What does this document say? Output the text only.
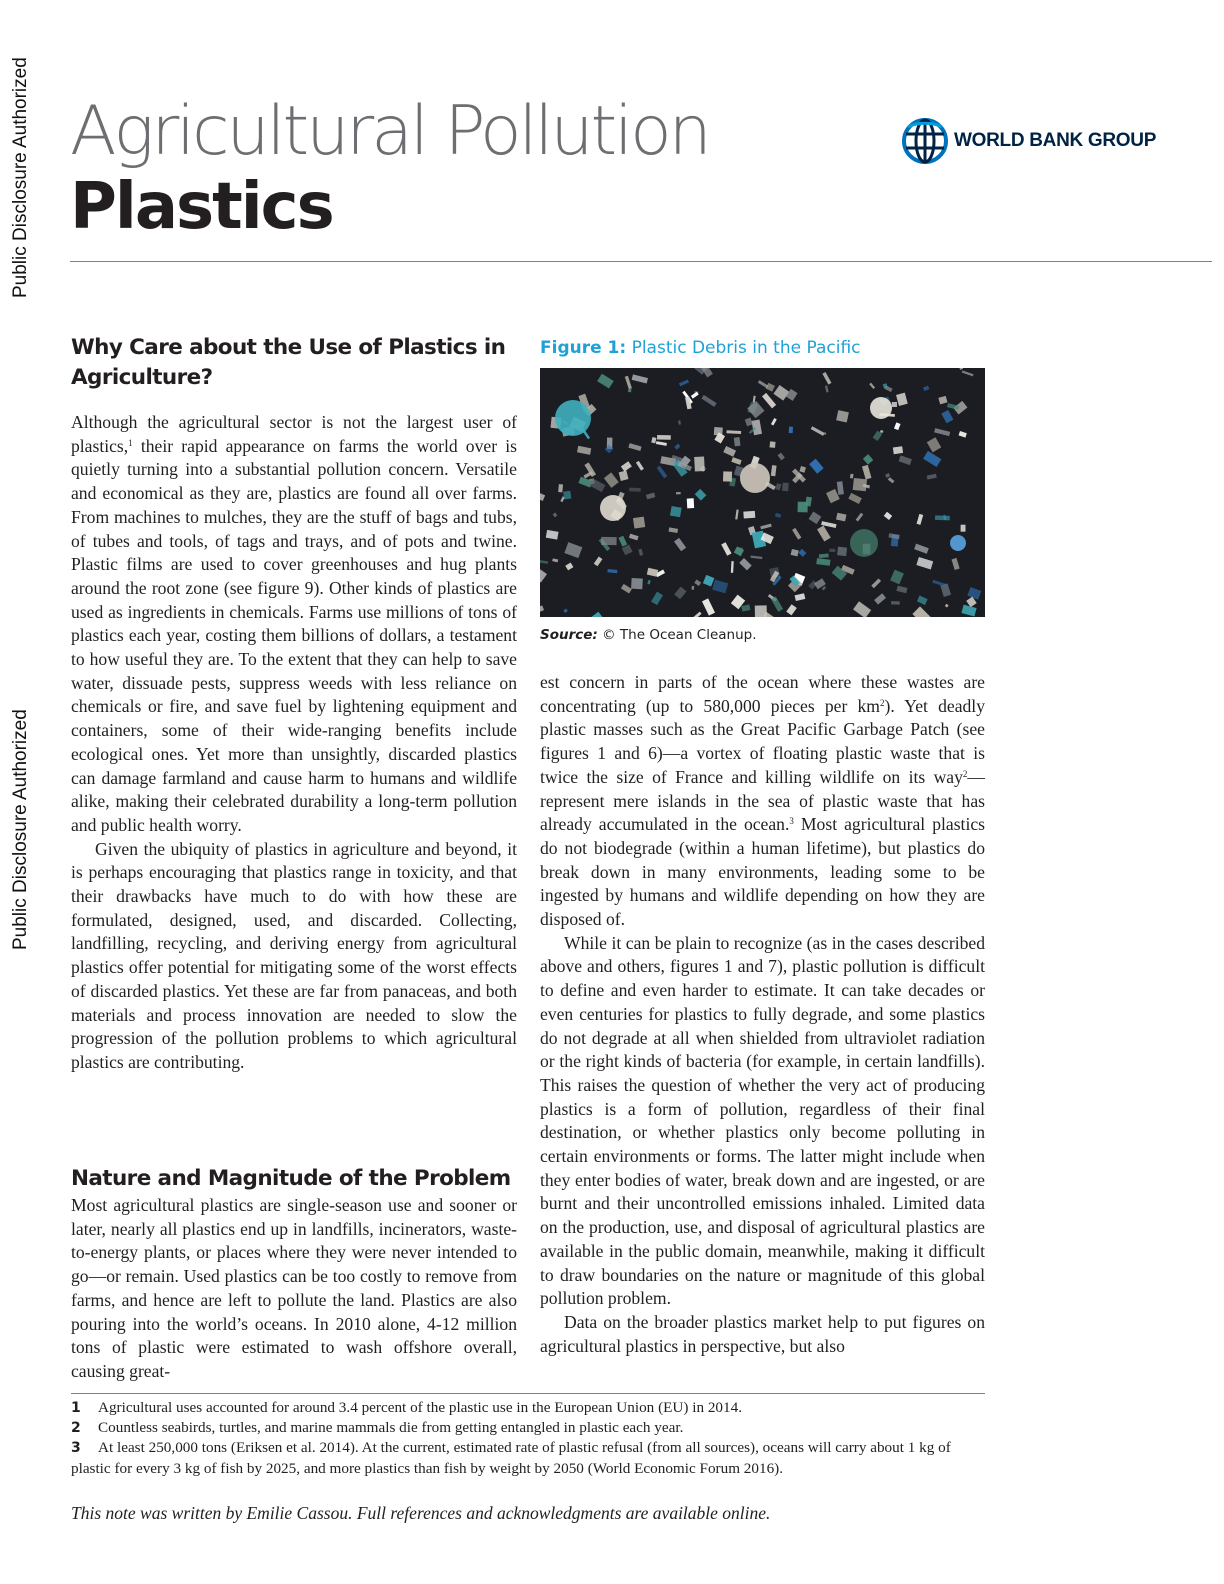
Public Disclosure Authorized
Public Disclosure Authorized
Agricultural Pollution
Plastics
WORLD BANK GROUP
Why Care about the Use of Plastics in Agriculture?

Although the agricultural sector is not the largest user of plastics,$^1$ their rapid appearance on farms the world over is quietly turning into a substantial pollution concern. Versatile and economical as they are, plastics are found all over farms. From machines to mulches, they are the stuff of bags and tubs, of tubes and tools, of tags and trays, and of pots and twine. Plastic films are used to cover greenhouses and hug plants around the root zone (see figure 9). Other kinds of plastics are used as ingredients in chemicals. Farms use millions of tons of plastics each year, costing them billions of dollars, a testament to how useful they are. To the extent that they can help to save water, dissuade pests, suppress weeds with less reliance on chemicals or fire, and save fuel by lightening equipment and containers, some of their wide-ranging benefits include ecological ones. Yet more than unsightly, discarded plastics can damage farmland and cause harm to humans and wildlife alike, making their celebrated durability a long-term pollution and public health worry.

Given the ubiquity of plastics in agriculture and beyond, it is perhaps encouraging that plastics range in toxicity, and that their drawbacks have much to do with how these are formulated, designed, used, and discarded. Collecting, landfilling, recycling, and deriving energy from agricultural plastics offer potential for mitigating some of the worst effects of discarded plastics. Yet these are far from panaceas, and both materials and process innovation are needed to slow the progression of the pollution problems to which agricultural plastics are contributing.

Nature and Magnitude of the Problem

Most agricultural plastics are single-season use and sooner or later, nearly all plastics end up in landfills, incinerators, waste-to-energy plants, or places where they were never intended to go—or remain. Used plastics can be too costly to remove from farms, and hence are left to pollute the land. Plastics are also pouring into the world’s oceans. In 2010 alone, 4-12 million tons of plastic were estimated to wash offshore overall, causing great-

Figure 1: Plastic Debris in the Pacific
Source: © The Ocean Cleanup.

est concern in parts of the ocean where these wastes are concentrating (up to 580,000 pieces per $km^2$). Yet deadly plastic masses such as the Great Pacific Garbage Patch (see figures 1 and 6)—a vortex of floating plastic waste that is twice the size of France and killing wildlife on its way$^2$—represent mere islands in the sea of plastic waste that has already accumulated in the ocean.$^3$ Most agricultural plastics do not biodegrade (within a human lifetime), but plastics do break down in many environments, leading some to be ingested by humans and wildlife depending on how they are disposed of.

While it can be plain to recognize (as in the cases described above and others, figures 1 and 7), plastic pollution is difficult to define and even harder to estimate. It can take decades or even centuries for plastics to fully degrade, and some plastics do not degrade at all when shielded from ultraviolet radiation or the right kinds of bacteria (for example, in certain landfills). This raises the question of whether the very act of producing plastics is a form of pollution, regardless of their final destination, or whether plastics only become polluting in certain environments or forms. The latter might include when they enter bodies of water, break down and are ingested, or are burnt and their uncontrolled emissions inhaled. Limited data on the production, use, and disposal of agricultural plastics are available in the public domain, meanwhile, making it difficult to draw boundaries on the nature or magnitude of this global pollution problem.

Data on the broader plastics market help to put figures on agricultural plastics in perspective, but also

1 Agricultural uses accounted for around 3.4 percent of the plastic use in the European Union (EU) in 2014.
2 Countless seabirds, turtles, and marine mammals die from getting entangled in plastic each year.
3 At least 250,000 tons (Eriksen et al. 2014). At the current, estimated rate of plastic refusal (from all sources), oceans will carry about 1 kg of plastic for every 3 kg of fish by 2025, and more plastics than fish by weight by 2050 (World Economic Forum 2016).
This note was written by Emilie Cassou. Full references and acknowledgments are available online.
